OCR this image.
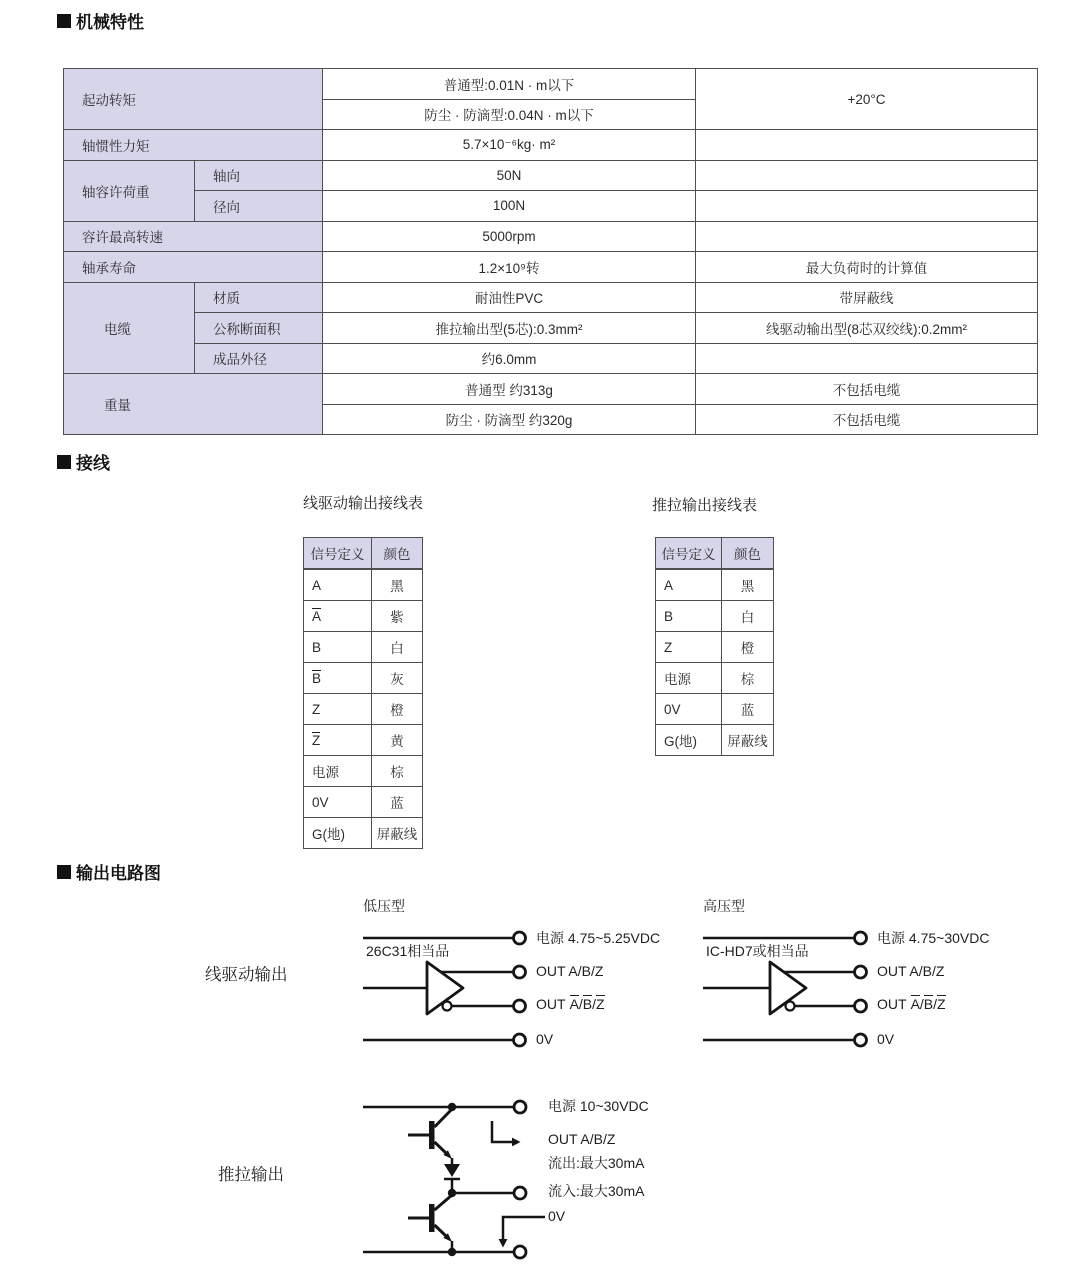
机械特性
起动转矩		普通型:0.01N · m以下	+20°C
		防尘 · 防滴型:0.04N · m以下	
轴惯性力矩		5.7×10⁻⁶kg· m²	
轴容许荷重	轴向	50N	
	径向	100N	
容许最高转速		5000rpm	
轴承寿命		1.2×10⁹转	最大负荷时的计算值
电缆	材质	耐油性PVC	带屏蔽线
	公称断面积	推拉输出型(5芯):0.3mm²	线驱动输出型(8芯双绞线):0.2mm²
	成品外径	约6.0mm	
重量		普通型 约313g	不包括电缆
		防尘 · 防滴型 约320g	不包括电缆
接线
线驱动输出接线表
信号定义	颜色
A	黑
A	紫
B	白
B	灰
Z	橙
Z	黄
电源	棕
0V	蓝
G(地)	屏蔽线
推拉输出接线表
信号定义	颜色
A	黑
B	白
Z	橙
电源	棕
0V	蓝
G(地)	屏蔽线
输出电路图
线驱动输出
低压型
电源 4.75~5.25VDC
26C31相当品
OUT A/B/Z
OUT A/B/Z
0V
高压型
IC-HD7或相当品
电源 4.75~30VDC
OUT A/B/Z
OUT A/B/Z
0V
推拉输出
电源 10~30VDC
OUT A/B/Z
流出:最大30mA
流入:最大30mA
0V
